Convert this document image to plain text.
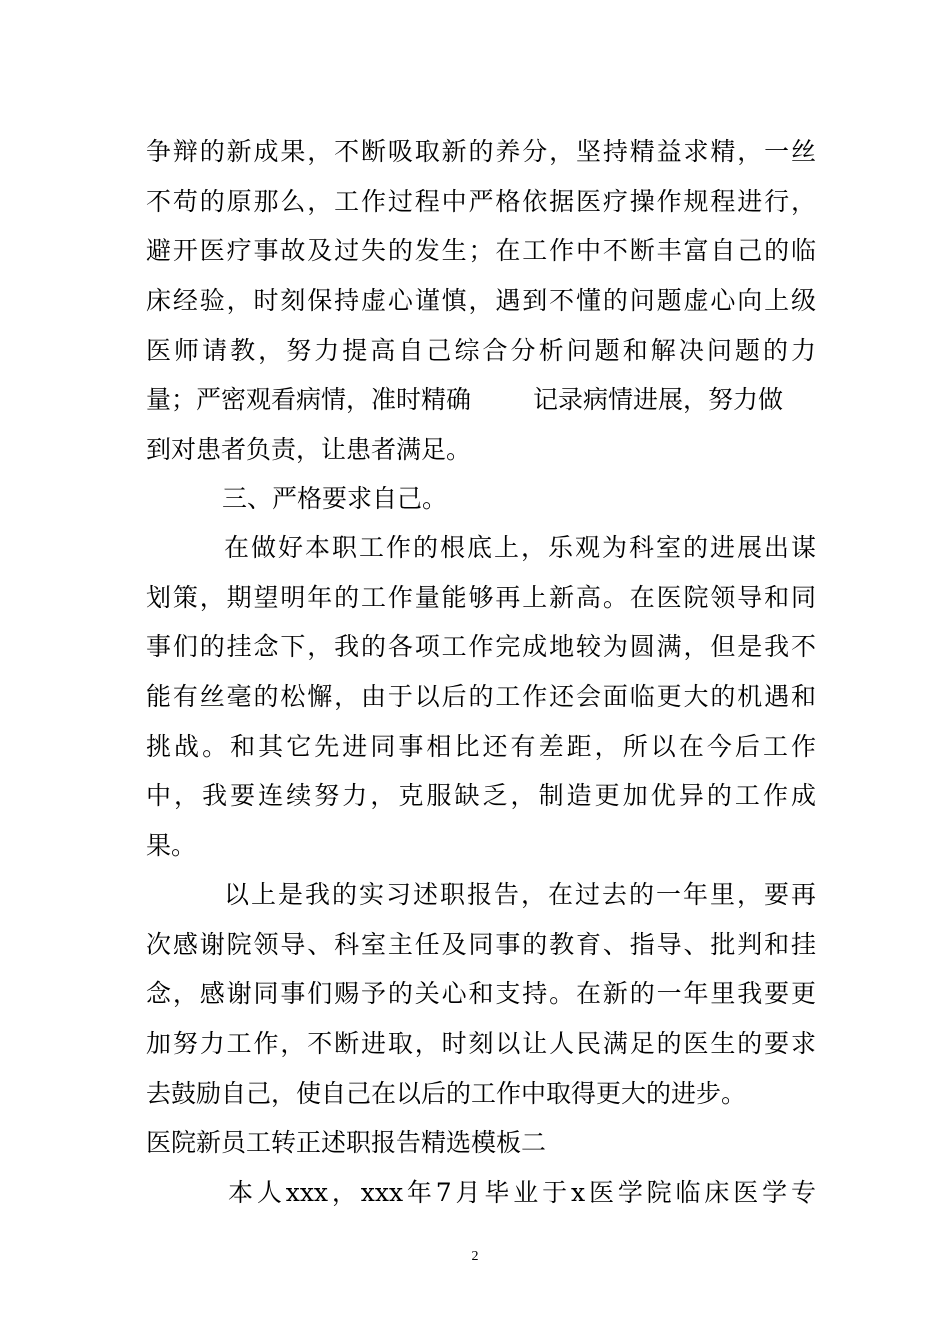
争辩的新成果，不断吸取新的养分，坚持精益求精，一丝
不苟的原那么，工作过程中严格依据医疗操作规程进行，
避开医疗事故及过失的发生；在工作中不断丰富自己的临
床经验，时刻保持虚心谨慎，遇到不懂的问题虚心向上级
医师请教，努力提高自己综合分析问题和解决问题的力
量；严密观看病情，准时精确 记录病情进展，努力做
到对患者负责，让患者满足。
三、严格要求自己。
在做好本职工作的根底上，乐观为科室的进展出谋
划策，期望明年的工作量能够再上新高。在医院领导和同
事们的挂念下，我的各项工作完成地较为圆满，但是我不
能有丝毫的松懈，由于以后的工作还会面临更大的机遇和
挑战。和其它先进同事相比还有差距，所以在今后工作
中，我要连续努力，克服缺乏，制造更加优异的工作成
果。
以上是我的实习述职报告，在过去的一年里，要再
次感谢院领导、科室主任及同事的教育、指导、批判和挂
念，感谢同事们赐予的关心和支持。在新的一年里我要更
加努力工作，不断进取，时刻以让人民满足的医生的要求
去鼓励自己，使自己在以后的工作中取得更大的进步。
医院新员工转正述职报告精选模板二
本人xxx，xxx年7月毕业于x医学院临床医学专
2
